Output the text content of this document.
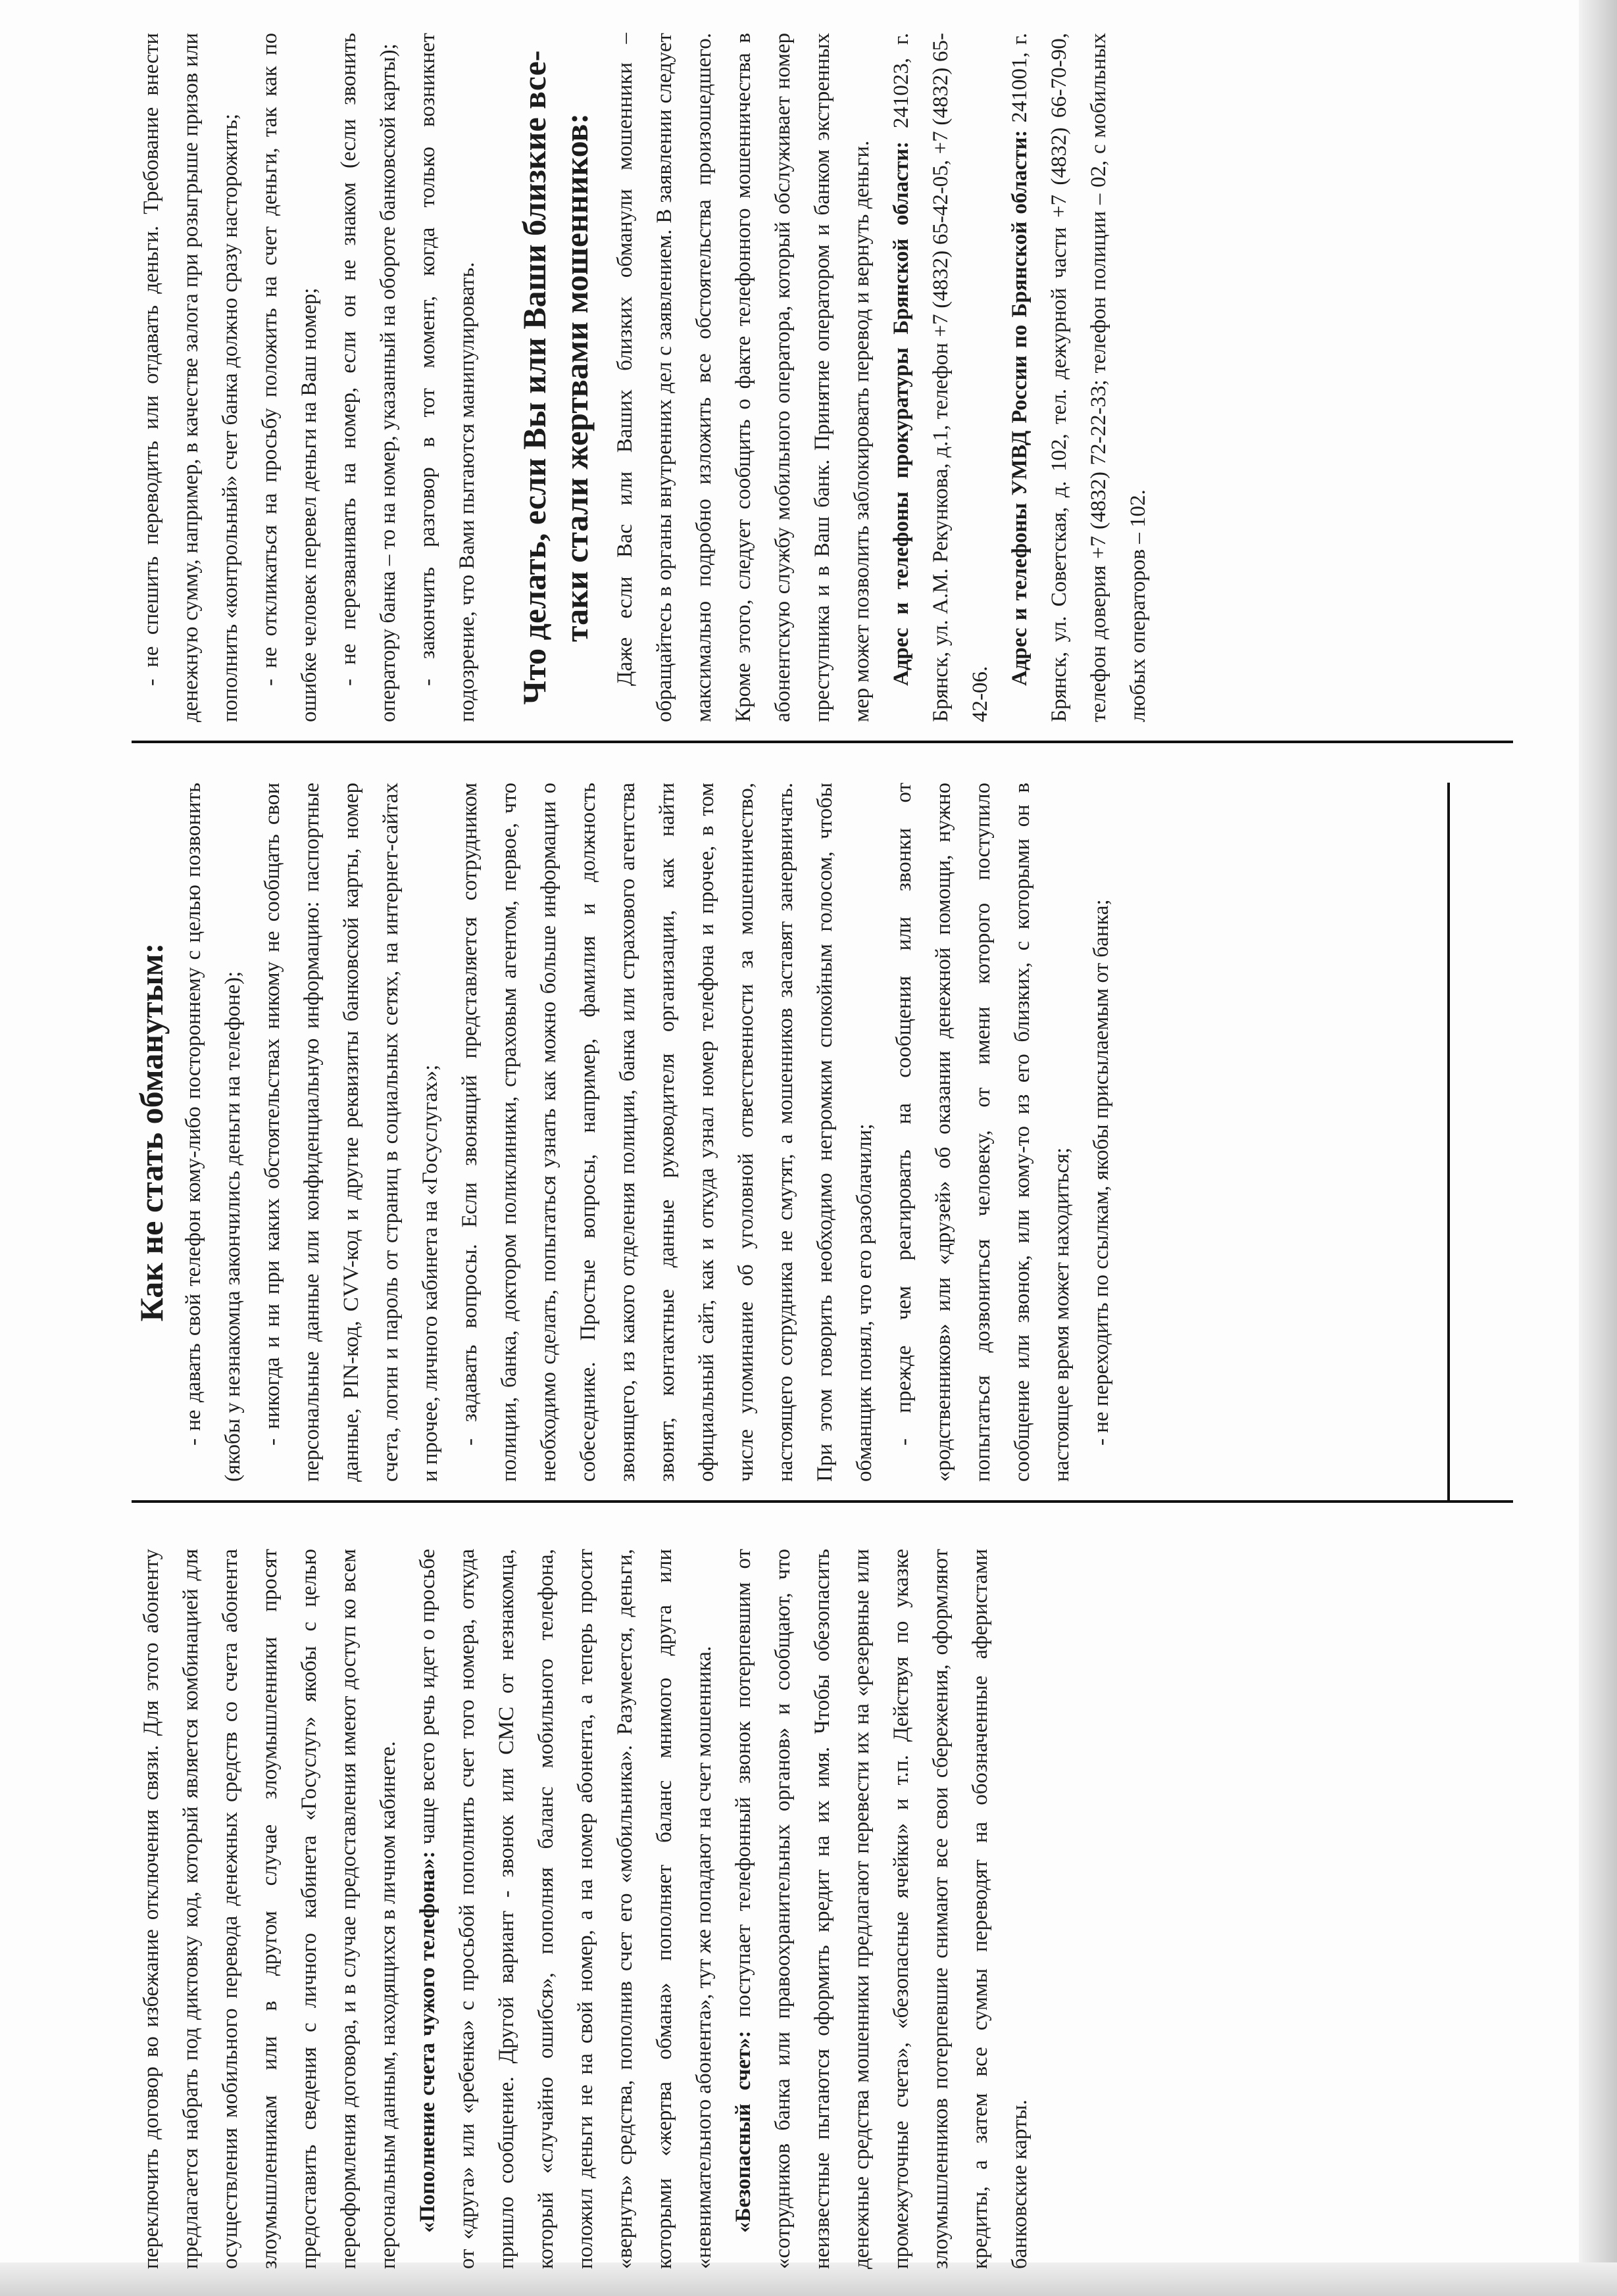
переключить договор во избежание отключения связи. Для этого абоненту предлагается набрать под диктовку код, который является комбинацией для осуществления мобильного перевода денежных средств со счета абонента злоумышленникам или в другом случае злоумышленники просят предоставить сведения с личного кабинета «Госуслуг» якобы с целью переоформления договора, и в случае предоставления имеют доступ ко всем персональным данным, находящихся в личном кабинете. «Пополнение счета чужого телефона»: чаще всего речь идет о просьбе от «друга» или «ребенка» с просьбой пополнить счет того номера, откуда пришло сообщение. Другой вариант - звонок или СМС от незнакомца, который «случайно ошибся», пополняя баланс мобильного телефона, положил деньги не на свой номер, а на номер абонента, а теперь просит «вернуть» средства, пополнив счет его «мобильника». Разумеется, деньги, которыми «жертва обмана» пополняет баланс мнимого друга или «невнимательного абонента», тут же попадают на счет мошенника. «Безопасный счет»: поступает телефонный звонок потерпевшим от «сотрудников банка или правоохранительных органов» и сообщают, что неизвестные пытаются оформить кредит на их имя. Чтобы обезопасить денежные средства мошенники предлагают перевести их на «резервные или промежуточные счета», «безопасные ячейки» и т.п. Действуя по указке злоумышленников потерпевшие снимают все свои сбережения, оформляют кредиты, а затем все суммы переводят на обозначенные аферистами банковские карты.

Как не стать обманутым: - не давать свой телефон кому-либо постороннему с целью позвонить (якобы у незнакомца закончились деньги на телефоне); - никогда и ни при каких обстоятельствах никому не сообщать свои персональные данные или конфиденциальную информацию: паспортные данные, PIN-код, CVV-код и другие реквизиты банковской карты, номер счета, логин и пароль от страниц в социальных сетях, на интернет-сайтах и прочее, личного кабинета на «Госуслугах»; - задавать вопросы. Если звонящий представляется сотрудником полиции, банка, доктором поликлиники, страховым агентом, первое, что необходимо сделать, попытаться узнать как можно больше информации о собеседнике. Простые вопросы, например, фамилия и должность звонящего, из какого отделения полиции, банка или страхового агентства звонят, контактные данные руководителя организации, как найти официальный сайт, как и откуда узнал номер телефона и прочее, в том числе упоминание об уголовной ответственности за мошенничество, настоящего сотрудника не смутят, а мошенников заставят занервничать. При этом говорить необходимо негромким спокойным голосом, чтобы обманщик понял, что его разоблачили; - прежде чем реагировать на сообщения или звонки от «родственников» или «друзей» об оказании денежной помощи, нужно попытаться дозвониться человеку, от имени которого поступило сообщение или звонок, или кому-то из его близких, с которыми он в настоящее время может находиться; - не переходить по ссылкам, якобы присылаемым от банка;

- не спешить переводить или отдавать деньги. Требование внести денежную сумму, например, в качестве залога при розыгрыше призов или пополнить «контрольный» счет банка должно сразу насторожить; - не откликаться на просьбу положить на счет деньги, так как по ошибке человек перевел деньги на Ваш номер; - не перезванивать на номер, если он не знаком (если звонить оператору банка – то на номер, указанный на обороте банковской карты); - закончить разговор в тот момент, когда только возникнет подозрение, что Вами пытаются манипулировать. Что делать, если Вы или Ваши близкие все-таки стали жертвами мошенников: Даже если Вас или Ваших близких обманули мошенники – обращайтесь в органы внутренних дел с заявлением. В заявлении следует максимально подробно изложить все обстоятельства произошедшего. Кроме этого, следует сообщить о факте телефонного мошенничества в абонентскую службу мобильного оператора, который обслуживает номер преступника и в Ваш банк. Принятие оператором и банком экстренных мер может позволить заблокировать перевод и вернуть деньги. Адрес и телефоны прокуратуры Брянской области: 241023, г. Брянск, ул. А.М. Рекункова, д.1, телефон +7 (4832) 65-42-05, +7 (4832) 65-42-06.

Адрес и телефоны УМВД России по Брянской области: 241001, г. Брянск, ул. Советская, д. 102, тел. дежурной части +7 (4832) 66-70-90, телефон доверия +7 (4832) 72-22-33; телефон полиции – 02, с мобильных любых операторов – 102.
